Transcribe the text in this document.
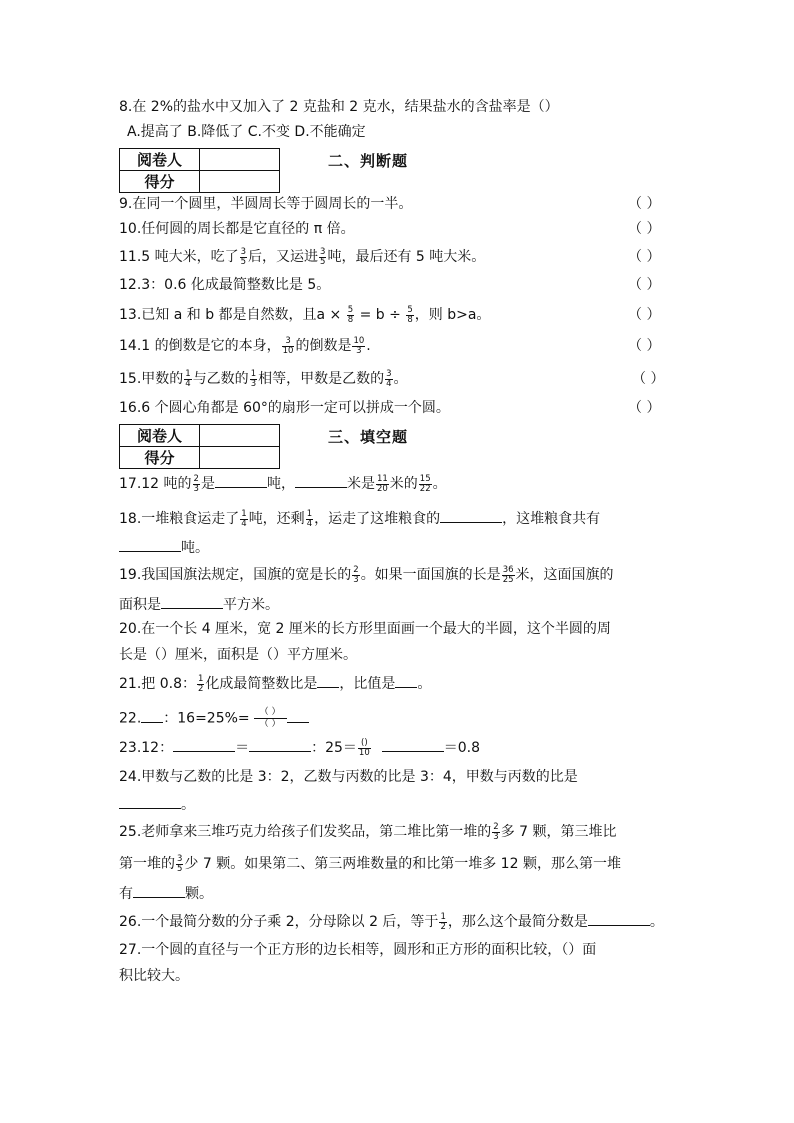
8.在 2%的盐水中又加入了 2 克盐和 2 克水，结果盐水的含盐率是（）
A.提高了 B.降低了 C.不变 D.不能确定
阅卷人	
得分	
二、判断题
9.在同一个圆里，半圆周长等于圆周长的一半。	（ ）
10.任何圆的周长都是它直径的 π 倍。	（ ）
11.5 吨大米，吃了 $\frac{3}{5}$ 后，又运进 $\frac{3}{5}$ 吨，最后还有 5 吨大米。	（ ）
12.3：0.6 化成最简整数比是 5。	（ ）
13.已知 a 和 b 都是自然数，且$a \times \frac{5}{8} = b \div \frac{5}{8}$ ，则 b>a。	（ ）
14.1 的倒数是它的本身， $\frac{3}{10}$ 的倒数是 $\frac{10}{3}$ .	（ ）
15.甲数的 $\frac{1}{4}$ 与乙数的 $\frac{1}{3}$ 相等，甲数是乙数的 $\frac{3}{4}$ 。	（ ）
16.6 个圆心角都是 60°的扇形一定可以拼成一个圆。	（ ）
阅卷人	
得分	
三、填空题
17.12 吨的 $\frac{2}{3}$ 是	吨，	米是 $\frac{11}{20}$ 米的 $\frac{15}{22}$ 。
18.一堆粮食运走了 $\frac{1}{4}$ 吨，还剩 $\frac{1}{4}$ ，运走了这堆粮食的	，这堆粮食共有
吨。
19.我国国旗法规定，国旗的宽是长的 $\frac{2}{3}$ 。如果一面国旗的长是 $\frac{36}{25}$ 米，这面国旗的
面积是	平方米。
20.在一个长 4 厘米，宽 2 厘米的长方形里面画一个最大的半圆，这个半圆的周
长是（）厘米，面积是（）平方厘米。
21.把 0.8： $\frac{1}{2}$ 化成最简整数比是 ，比值是 。
22. ：16=25%=	（ ）
（ ）
23.12：	＝	：$25= \frac{()}{10}$	＝0.8
24.甲数与乙数的比是 3：2，乙数与丙数的比是 3：4，甲数与丙数的比是
。
25.老师拿来三堆巧克力给孩子们发奖品，第二堆比第一堆的 $\frac{2}{3}$ 多 7 颗，第三堆比
第一堆的 $\frac{3}{5}$ 少 7 颗。如果第二、第三两堆数量的和比第一堆多 12 颗，那么第一堆
有	颗。
26.一个最简分数的分子乘 2，分母除以 2 后，等于 $\frac{1}{2}$ ，那么这个最简分数是	。
27.一个圆的直径与一个正方形的边长相等，圆形和正方形的面积比较，（）面
积比较大。
